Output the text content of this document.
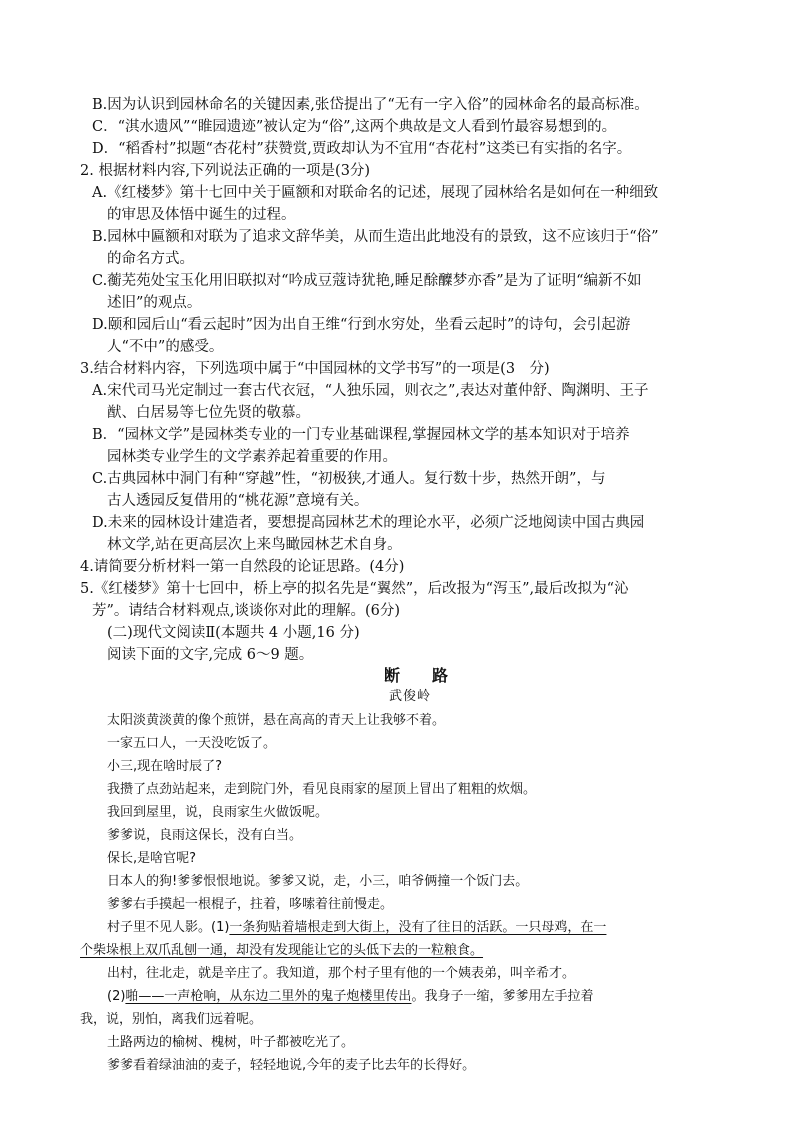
B.因为认识到园林命名的关键因素,张岱提出了“无有一字入俗”的园林命名的最高标准。
C．“淇水遗风”“睢园遗迹”被认定为“俗”,这两个典故是文人看到竹最容易想到的。
D．“稻香村”拟题“杏花村”获赞赏,贾政却认为不宜用“杏花村”这类已有实指的名字。
2. 根据材料内容,下列说法正确的一项是(3分)
A.《红楼梦》第十七回中关于匾额和对联命名的记述，展现了园林给名是如何在一种细致
的审思及体悟中诞生的过程。
B.园林中匾额和对联为了追求文辞华美，从而生造出此地没有的景致，这不应该归于“俗”
的命名方式。
C.蘅芜苑处宝玉化用旧联拟对“吟成豆蔻诗犹艳,睡足酴醾梦亦香”是为了证明“编新不如
述旧”的观点。
D.颐和园后山“看云起时”因为出自王维“行到水穷处，坐看云起时”的诗句，会引起游
人“不中”的感受。
3.结合材料内容，下列选项中属于“中国园林的文学书写”的一项是(3　分)
A.宋代司马光定制过一套古代衣冠，“人独乐园，则衣之”,表达对董仲舒、陶渊明、王子
猷、白居易等七位先贤的敬慕。
B．“园林文学”是园林类专业的一门专业基础课程,掌握园林文学的基本知识对于培养
园林类专业学生的文学素养起着重要的作用。
C.古典园林中洞门有种“穿越”性，“初极狭,才通人。复行数十步，热然开朗”，与
古人透园反复借用的“桃花源”意境有关。
D.未来的园林设计建造者，要想提高园林艺术的理论水平，必须广泛地阅读中国古典园
林文学,站在更高层次上来鸟瞰园林艺术自身。
4.请简要分析材料一第一自然段的论证思路。(4分)
5.《红楼梦》第十七回中，桥上亭的拟名先是“翼然”，后改报为“泻玉”,最后改拟为“沁
芳”。请结合材料观点,谈谈你对此的理解。(6分)
(二)现代文阅读Ⅱ(本题共 4 小题,16 分)
阅读下面的文字,完成 6～9 题。
断　路
武俊岭
太阳淡黄淡黄的像个煎饼，悬在高高的青天上让我够不着。
一家五口人，一天没吃饭了。
小三,现在啥时辰了?
我攒了点劲站起来，走到院门外，看见良雨家的屋顶上冒出了粗粗的炊烟。
我回到屋里，说，良雨家生火做饭呢。
爹爹说，良雨这保长，没有白当。
保长,是啥官呢?
日本人的狗!爹爹恨恨地说。爹爹又说，走，小三，咱爷俩撞一个饭门去。
爹爹右手摸起一根棍子，拄着，哆嗦着往前慢走。
村子里不见人影。(1)一条狗贴着墙根走到大街上，没有了往日的活跃。一只母鸡，在一
个柴垛根上双爪乱刨一通，却没有发现能让它的头低下去的一粒粮食。
出村，往北走，就是辛庄了。我知道，那个村子里有他的一个姨表弟，叫辛希才。
(2)啪——一声枪响，从东边二里外的鬼子炮楼里传出。我身子一缩，爹爹用左手拉着
我，说，别怕，离我们远着呢。
土路两边的榆树、槐树，叶子都被吃光了。
爹爹看着绿油油的麦子，轻轻地说,今年的麦子比去年的长得好。
